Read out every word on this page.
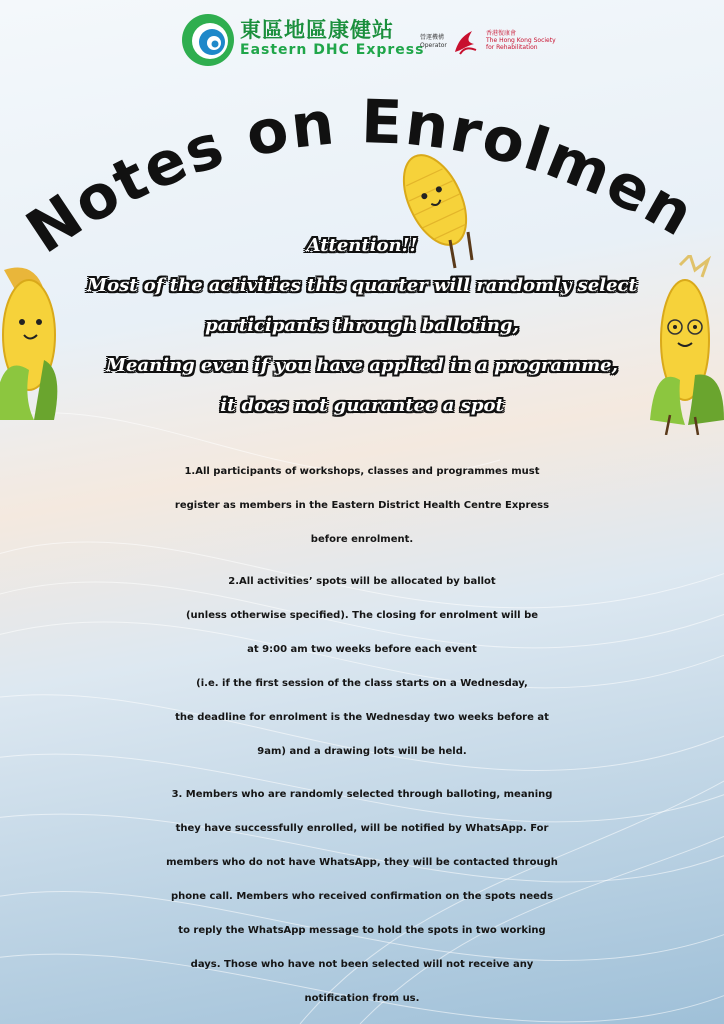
東區地區康健站
Eastern DHC Express
營運機構
Operator
香港復康會
The Hong Kong Society
for Rehabilitation
Notes on Enrolmen
Attention!!
Most of the activities this quarter will randomly select
participants through balloting,
Meaning even if you have applied in a programme,
it does not guarantee a spot
1.All participants of workshops, classes and programmes must
register as members in the Eastern District Health Centre Express
before enrolment.
2.All activities’ spots will be allocated by ballot
(unless otherwise specified). The closing for enrolment will be
at 9:00 am two weeks before each event
(i.e. if the first session of the class starts on a Wednesday,
the deadline for enrolment is the Wednesday two weeks before at
9am) and a drawing lots will be held.
3. Members who are randomly selected through balloting, meaning
they have successfully enrolled, will be notified by WhatsApp. For
members who do not have WhatsApp, they will be contacted through
phone call. Members who received confirmation on the spots needs
to reply the WhatsApp message to hold the spots in two working
days. Those who have not been selected will not receive any
notification from us.
